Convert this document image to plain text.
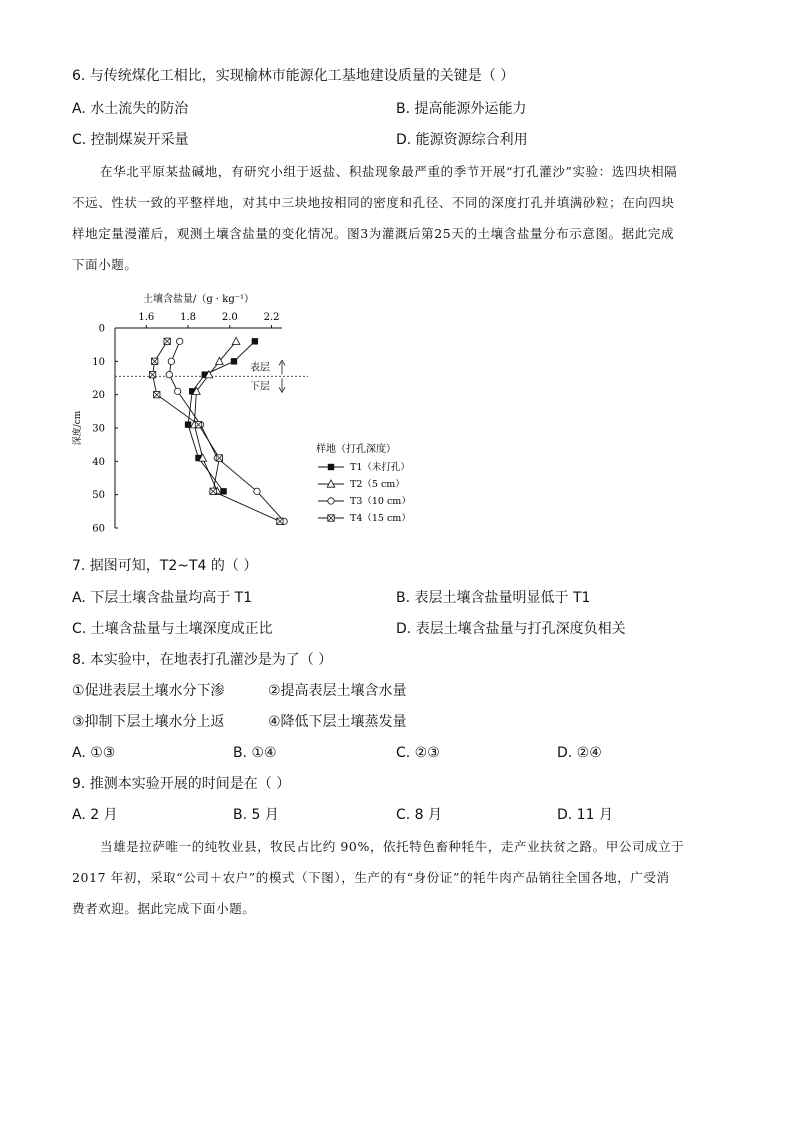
6. 与传统煤化工相比，实现榆林市能源化工基地建设质量的关键是（ ）
A. 水土流失的防治	B. 提高能源外运能力
C. 控制煤炭开采量	D. 能源资源综合利用
在华北平原某盐碱地，有研究小组于返盐、积盐现象最严重的季节开展“打孔灌沙”实验：选四块相隔
不远、性状一致的平整样地，对其中三块地按相同的密度和孔径、不同的深度打孔并填满砂粒；在向四块
样地定量漫灌后，观测土壤含盐量的变化情况。图3为灌溉后第25天的土壤含盐量分布示意图。据此完成
下面小题。
土壤含盐量/（g · kg⁻¹）
1.6	1.8	2.0	2.2
0
10
20
30
40
50
60
深度/cm
表层
下层
样地（打孔深度）
T1（未打孔）
T2（5 cm）
T3（10 cm）
T4（15 cm）
7. 据图可知，T2~T4 的（ ）
A. 下层土壤含盐量均高于 T1	B. 表层土壤含盐量明显低于 T1
C. 土壤含盐量与土壤深度成正比	D. 表层土壤含盐量与打孔深度负相关
8. 本实验中，在地表打孔灌沙是为了（ ）
①促进表层土壤水分下渗	②提高表层土壤含水量
③抑制下层土壤水分上返	④降低下层土壤蒸发量
A. ①③	B. ①④	C. ②③	D. ②④
9. 推测本实验开展的时间是在（ ）
A. 2 月	B. 5 月	C. 8 月	D. 11 月
当雄是拉萨唯一的纯牧业县，牧民占比约 90%，依托特色畜种牦牛，走产业扶贫之路。甲公司成立于
2017 年初，采取“公司＋农户”的模式（下图），生产的有“身份证”的牦牛肉产品销往全国各地，广受消
费者欢迎。据此完成下面小题。
